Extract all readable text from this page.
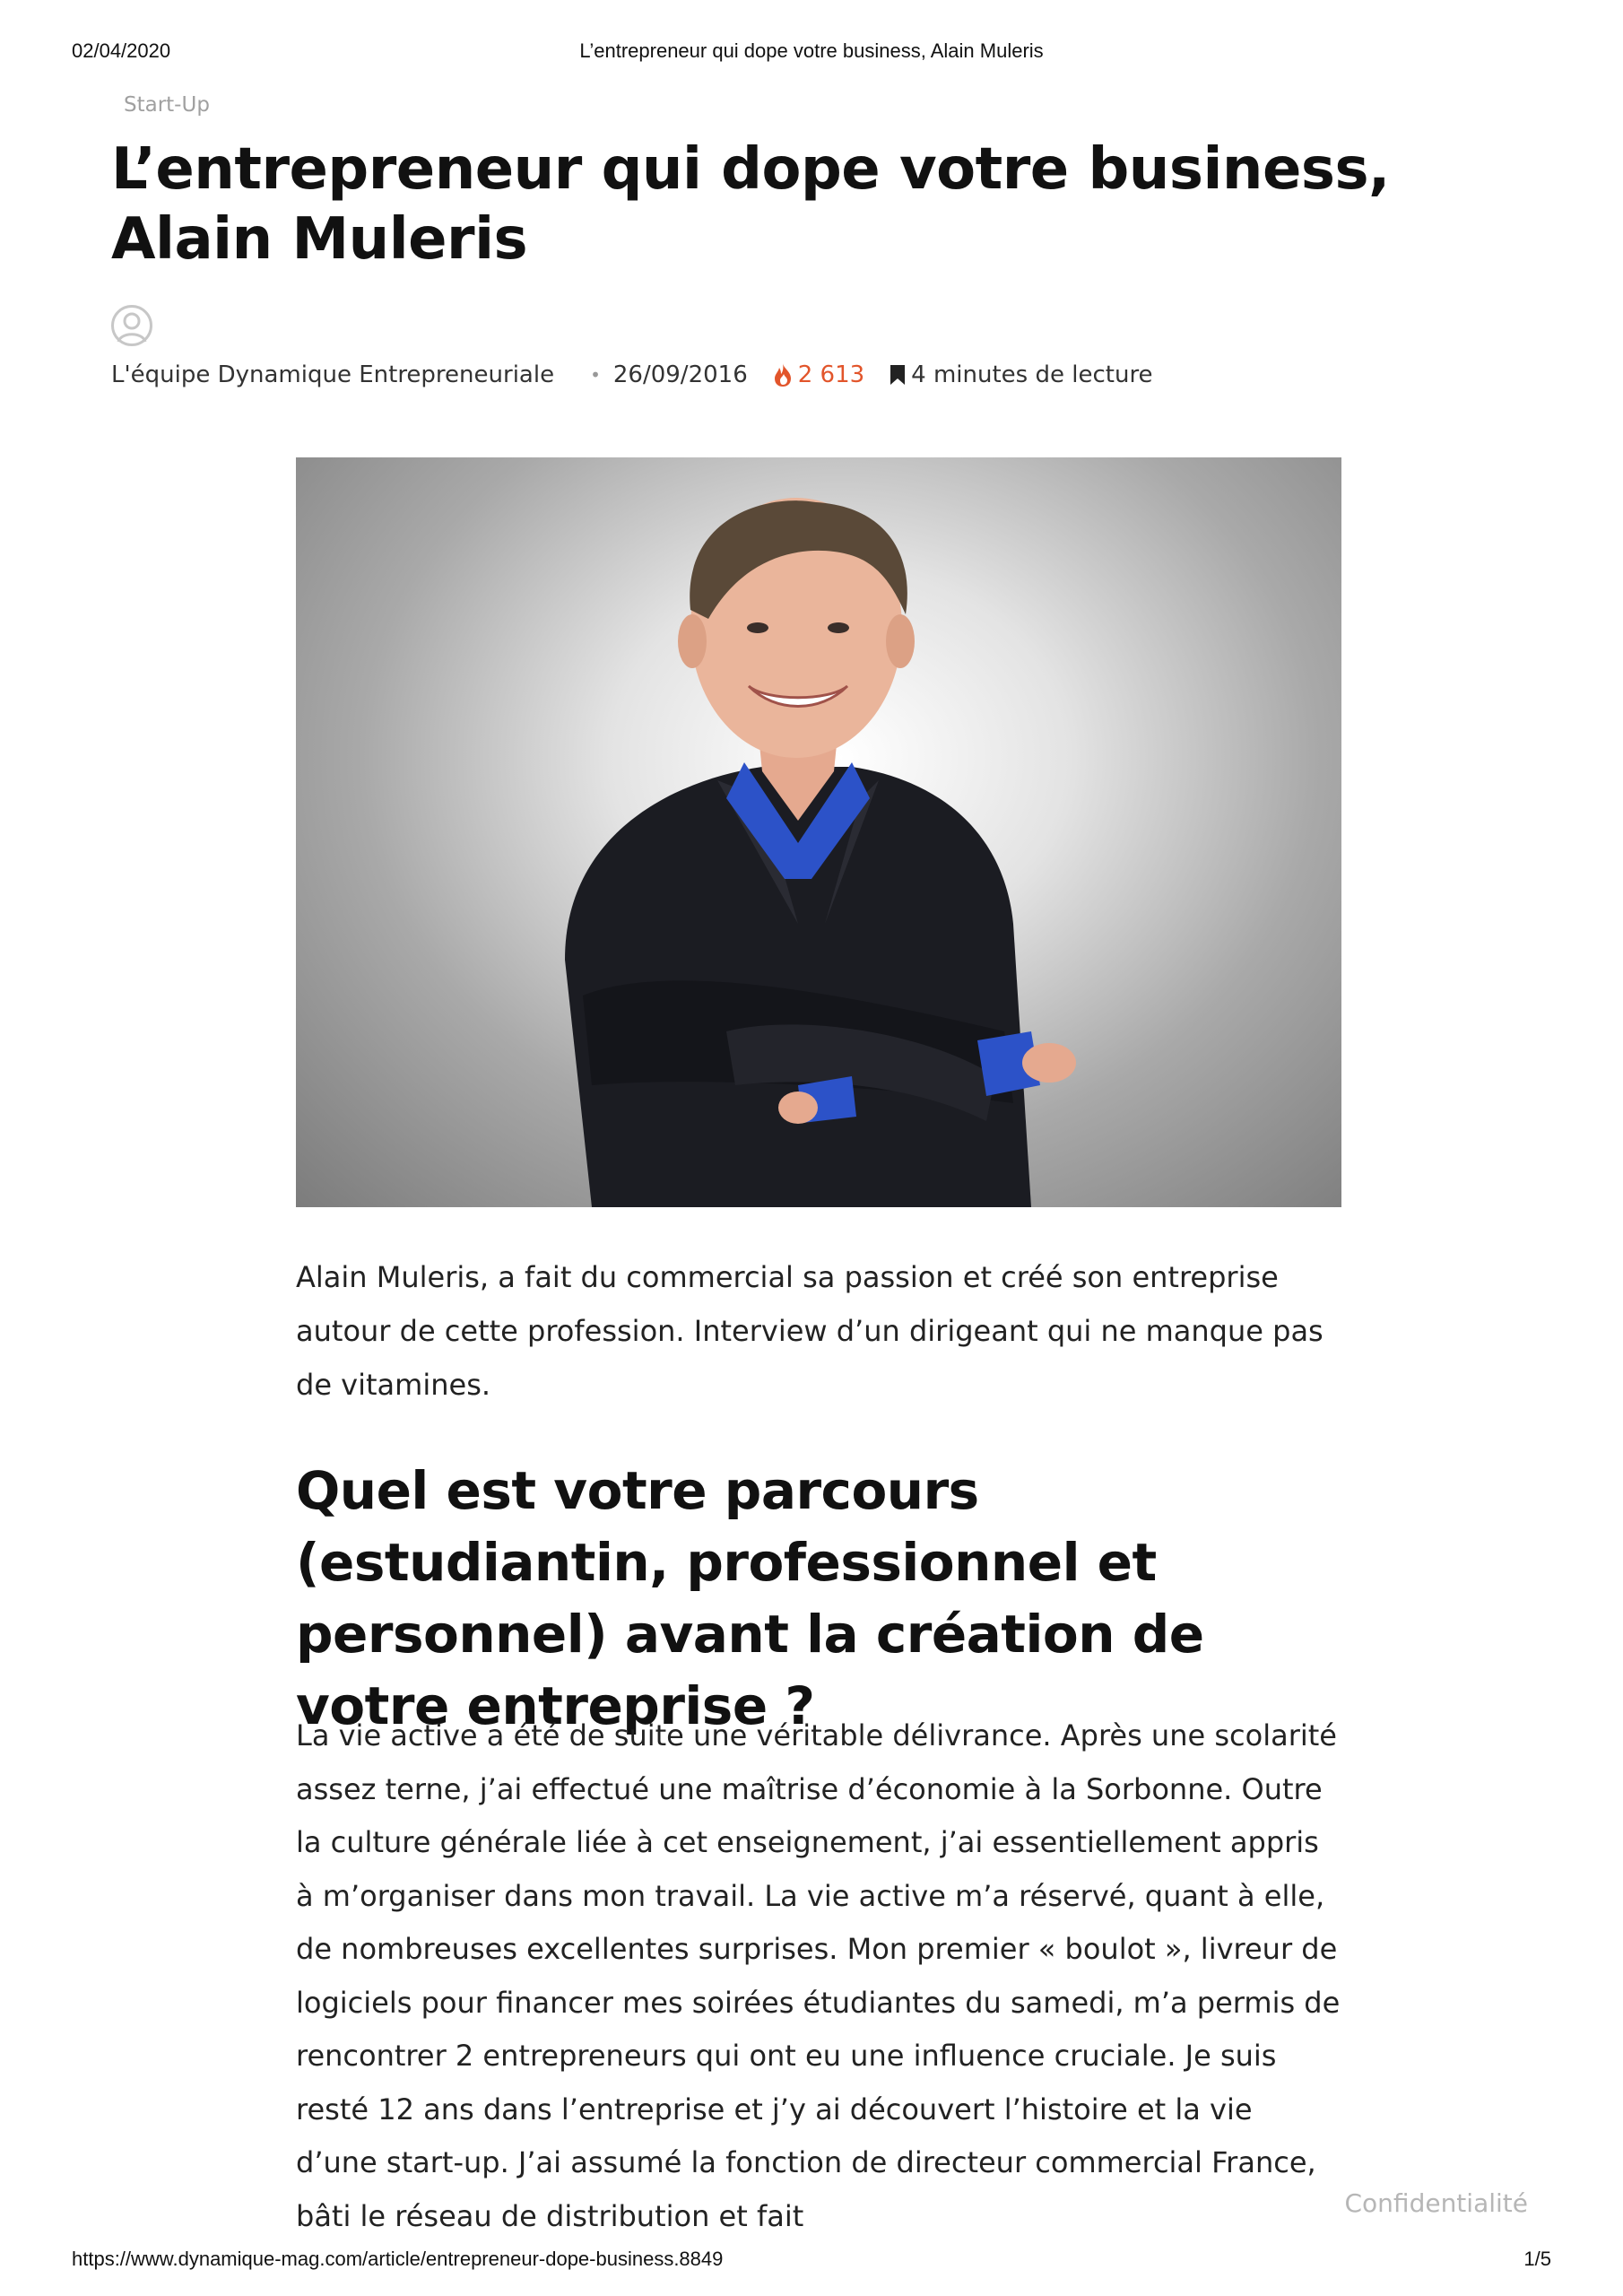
02/04/2020	L’entrepreneur qui dope votre business, Alain Muleris
Start-Up
L’entrepreneur qui dope votre business, Alain Muleris
L'équipe Dynamique Entrepreneuriale • 26/09/2016 2 613 4 minutes de lecture

Alain Muleris, a fait du commercial sa passion et créé son entreprise autour de cette profession. Interview d’un dirigeant qui ne manque pas de vitamines.

Quel est votre parcours (estudiantin, professionnel et personnel) avant la création de votre entreprise ?

La vie active a été de suite une véritable délivrance. Après une scolarité assez terne, j’ai effectué une maîtrise d’économie à la Sorbonne. Outre la culture générale liée à cet enseignement, j’ai essentiellement appris à m’organiser dans mon travail. La vie active m’a réservé, quant à elle, de nombreuses excellentes surprises. Mon premier « boulot », livreur de logiciels pour financer mes soirées étudiantes du samedi, m’a permis de rencontrer 2 entrepreneurs qui ont eu une influence cruciale. Je suis resté 12 ans dans l’entreprise et j’y ai découvert l’histoire et la vie d’une start-up. J’ai assumé la fonction de directeur commercial France, bâti le réseau de distribution et fait	Confidentialité
https://www.dynamique-mag.com/article/entrepreneur-dope-business.8849	1/5
